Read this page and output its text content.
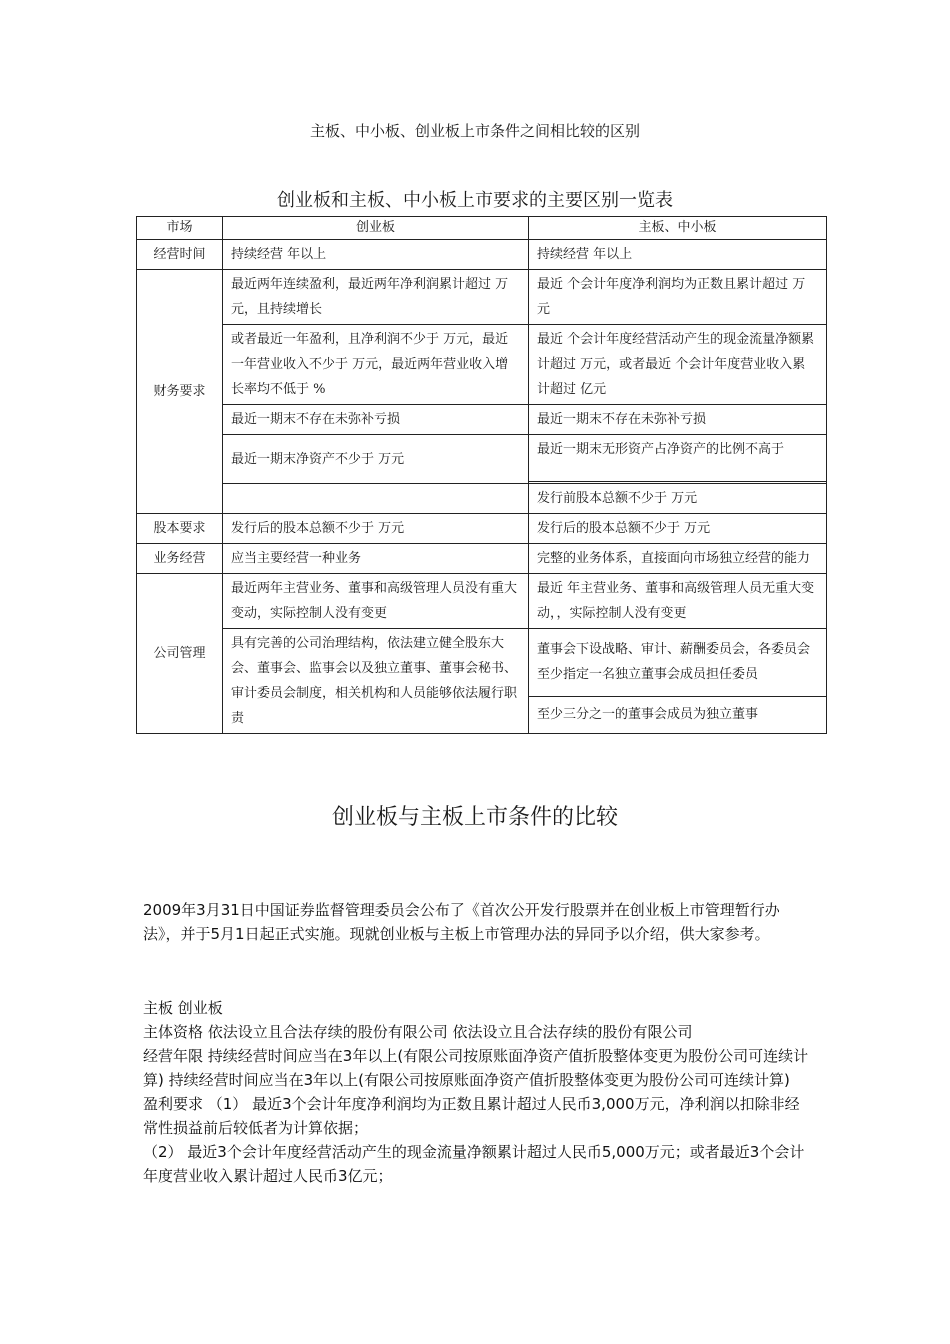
主板、中小板、创业板上市条件之间相比较的区别
创业板和主板、中小板上市要求的主要区别一览表
市场	创业板	主板、中小板
经营时间	持续经营 年以上	持续经营 年以上
财务要求	最近两年连续盈利，最近两年净利润累计超过 万元，且持续增长	最近 个会计年度净利润均为正数且累计超过 万元
	或者最近一年盈利，且净利润不少于 万元，最近一年营业收入不少于 万元，最近两年营业收入增长率均不低于 %	最近 个会计年度经营活动产生的现金流量净额累计超过 万元，或者最近 个会计年度营业收入累计超过 亿元
	最近一期末不存在未弥补亏损	最近一期末不存在未弥补亏损
	最近一期末净资产不少于 万元	最近一期末无形资产占净资产的比例不高于

		发行前股本总额不少于 万元
股本要求	发行后的股本总额不少于 万元	发行后的股本总额不少于 万元
业务经营	应当主要经营一种业务	完整的业务体系，直接面向市场独立经营的能力
公司管理	最近两年主营业务、董事和高级管理人员没有重大变动，实际控制人没有变更	最近 年主营业务、董事和高级管理人员无重大变动，，实际控制人没有变更
	具有完善的公司治理结构，依法建立健全股东大会、董事会、监事会以及独立董事、董事会秘书、审计委员会制度，相关机构和人员能够依法履行职责	董事会下设战略、审计、薪酬委员会，各委员会至少指定一名独立董事会成员担任委员
		至少三分之一的董事会成员为独立董事
创业板与主板上市条件的比较

2009年3月31日中国证券监督管理委员会公布了《首次公开发行股票并在创业板上市管理暂行办法》，并于5月1日起正式实施。现就创业板与主板上市管理办法的异同予以介绍，供大家参考。

主板 创业板

主体资格 依法设立且合法存续的股份有限公司 依法设立且合法存续的股份有限公司

经营年限 持续经营时间应当在3年以上(有限公司按原账面净资产值折股整体变更为股份公司可连续计算) 持续经营时间应当在3年以上(有限公司按原账面净资产值折股整体变更为股份公司可连续计算)

盈利要求 （1） 最近3个会计年度净利润均为正数且累计超过人民币3,000万元，净利润以扣除非经常性损益前后较低者为计算依据；

（2） 最近3个会计年度经营活动产生的现金流量净额累计超过人民币5,000万元；或者最近3个会计年度营业收入累计超过人民币3亿元；
